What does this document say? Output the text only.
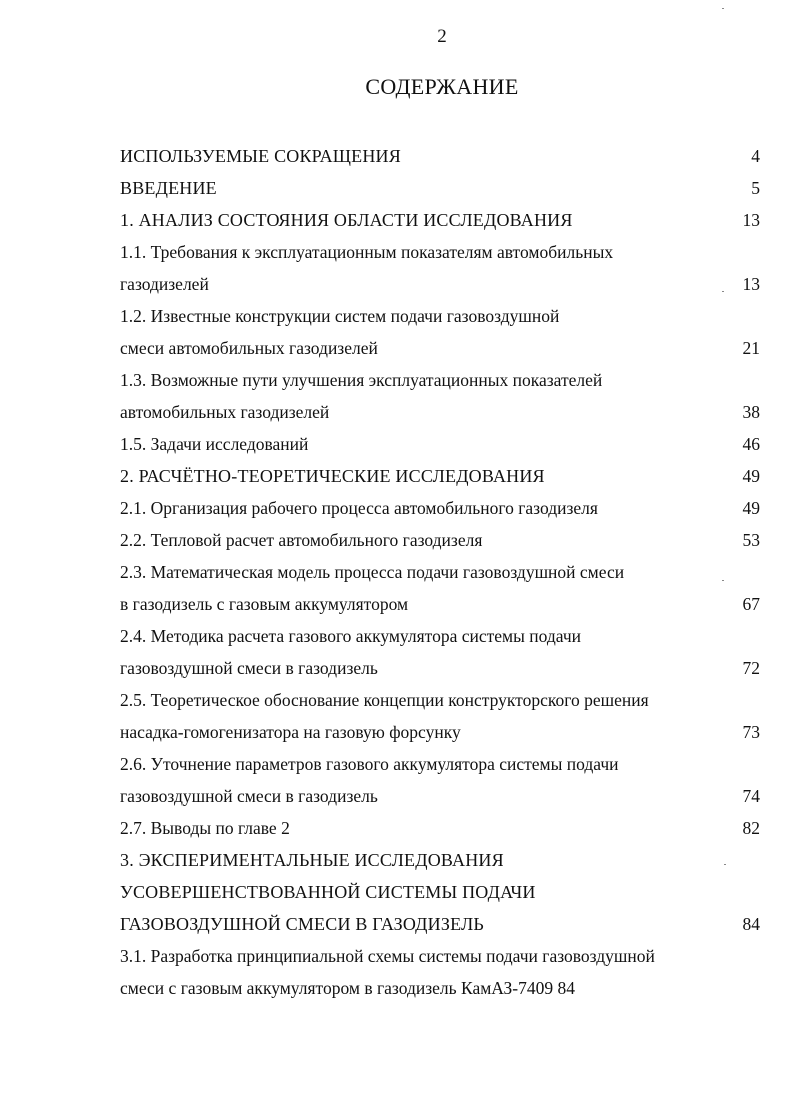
2
СОДЕРЖАНИЕ
ИСПОЛЬЗУЕМЫЕ СОКРАЩЕНИЯ	4
ВВЕДЕНИЕ	5
1. АНАЛИЗ СОСТОЯНИЯ ОБЛАСТИ ИССЛЕДОВАНИЯ	13
1.1. Требования к эксплуатационным показателям автомобильных
газодизелей	13
1.2. Известные конструкции систем подачи газовоздушной
смеси автомобильных газодизелей	21
1.3. Возможные пути улучшения эксплуатационных показателей
автомобильных газодизелей	38
1.5. Задачи исследований	46
2. РАСЧЁТНО-ТЕОРЕТИЧЕСКИЕ ИССЛЕДОВАНИЯ	49
2.1. Организация рабочего процесса автомобильного газодизеля	49
2.2. Тепловой расчет автомобильного газодизеля	53
2.3. Математическая модель процесса подачи газовоздушной смеси
в газодизель с газовым аккумулятором	67
2.4. Методика расчета газового аккумулятора системы подачи
газовоздушной смеси в газодизель	72
2.5. Теоретическое обоснование концепции конструкторского решения
насадка-гомогенизатора на газовую форсунку	73
2.6. Уточнение параметров газового аккумулятора системы подачи
газовоздушной смеси в газодизель	74
2.7. Выводы по главе 2	82
3. ЭКСПЕРИМЕНТАЛЬНЫЕ ИССЛЕДОВАНИЯ
УСОВЕРШЕНСТВОВАННОЙ СИСТЕМЫ ПОДАЧИ
ГАЗОВОЗДУШНОЙ СМЕСИ В ГАЗОДИЗЕЛЬ	84
3.1. Разработка принципиальной схемы системы подачи газовоздушной
смеси с газовым аккумулятором в газодизель КамАЗ-7409 84
